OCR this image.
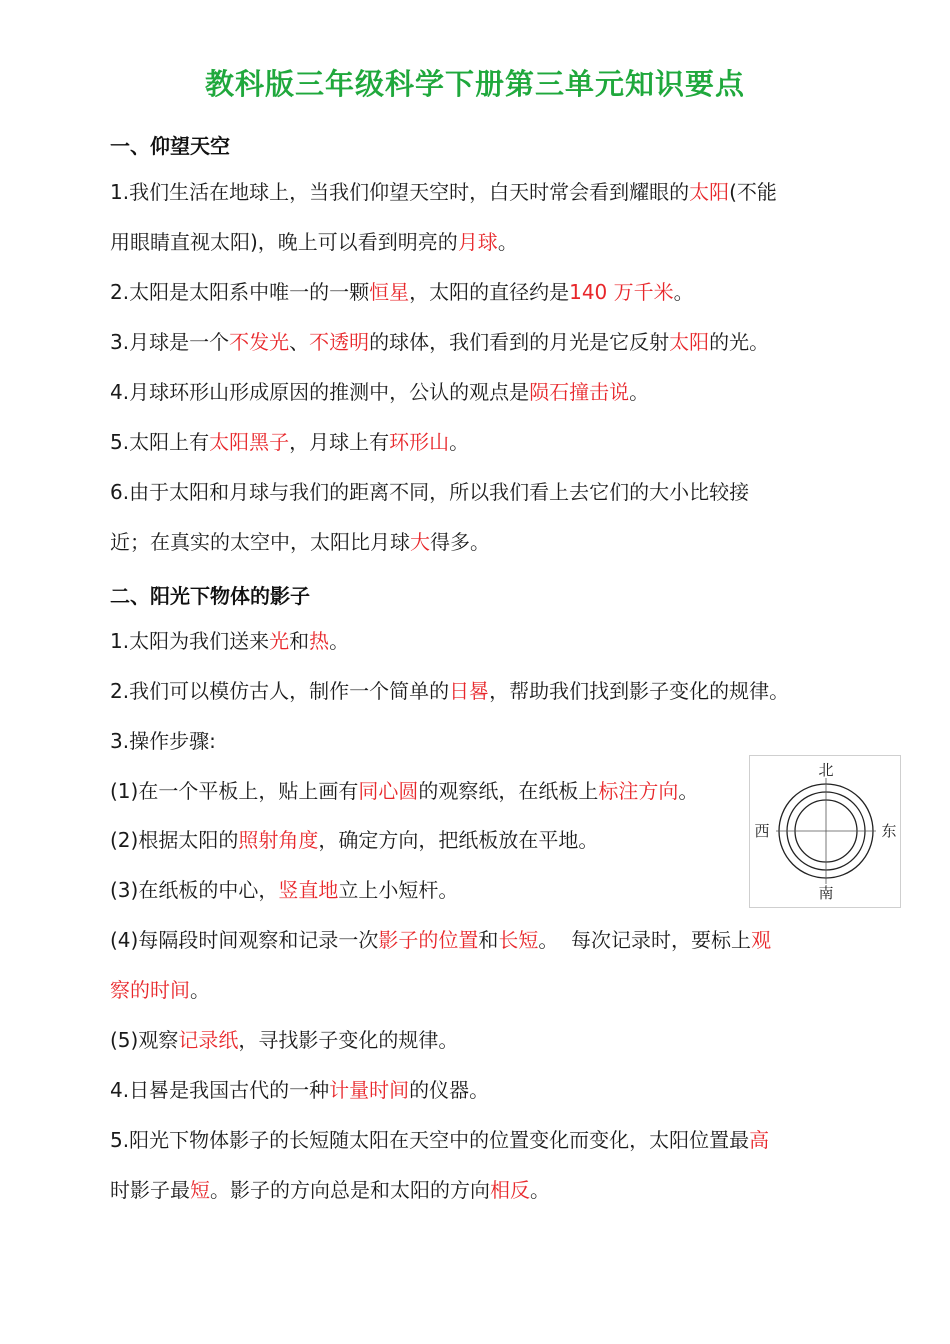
教科版三年级科学下册第三单元知识要点
一、仰望天空
1.我们生活在地球上，当我们仰望天空时，白天时常会看到耀眼的太阳(不能
用眼睛直视太阳)，晚上可以看到明亮的月球。
2.太阳是太阳系中唯一的一颗恒星，太阳的直径约是140 万千米。
3.月球是一个不发光、不透明的球体，我们看到的月光是它反射太阳的光。
4.月球环形山形成原因的推测中，公认的观点是陨石撞击说。
5.太阳上有太阳黑子，月球上有环形山。
6.由于太阳和月球与我们的距离不同，所以我们看上去它们的大小比较接
近；在真实的太空中，太阳比月球大得多。
二、阳光下物体的影子
1.太阳为我们送来光和热。
2.我们可以模仿古人，制作一个简单的日晷，帮助我们找到影子变化的规律。
3.操作步骤:
(1)在一个平板上，贴上画有同心圆的观察纸，在纸板上标注方向。
(2)根据太阳的照射角度，确定方向，把纸板放在平地。
(3)在纸板的中心，竖直地立上小短杆。
(4)每隔段时间观察和记录一次影子的位置和长短。  每次记录时，要标上观
察的时间。
(5)观察记录纸，寻找影子变化的规律。
4.日晷是我国古代的一种计量时间的仪器。
5.阳光下物体影子的长短随太阳在天空中的位置变化而变化，太阳位置最高
时影子最短。影子的方向总是和太阳的方向相反。
北
南
西	东
